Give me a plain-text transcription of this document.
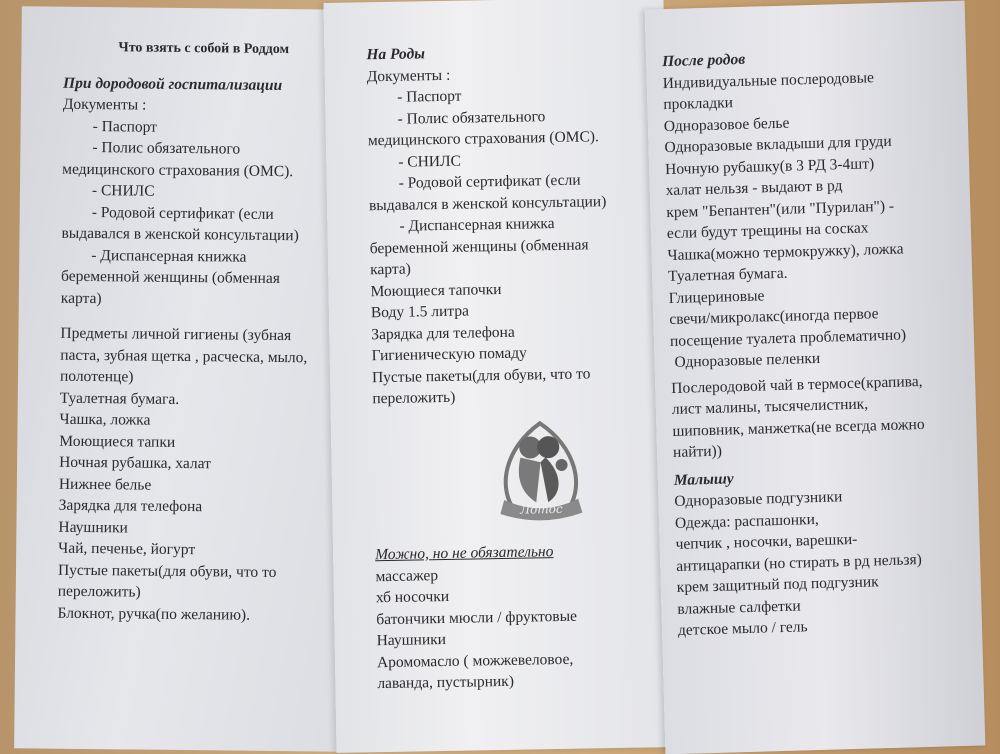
Что взять с собой в Роддом
При дородовой госпитализации
Документы :
- Паспорт
- Полис обязательного
медицинского страхования (ОМС).
- СНИЛС
- Родовой сертификат (если
выдавался в женской консультации)
- Диспансерная книжка
беременной женщины (обменная
карта)
Предметы личной гигиены (зубная
паста, зубная щетка , расческа, мыло,
полотенце)
Туалетная бумага.
Чашка, ложка
Моющиеся тапки
Ночная рубашка, халат
Нижнее белье
Зарядка для телефона
Наушники
Чай, печенье, йогурт
Пустые пакеты(для обуви, что то
переложить)
Блокнот, ручка(по желанию).
На Роды
Документы :
- Паспорт
- Полис обязательного
медицинского страхования (ОМС).
- СНИЛС
- Родовой сертификат (если
выдавался в женской консультации)
- Диспансерная книжка
беременной женщины (обменная
карта)
Моющиеся тапочки
Воду 1.5 литра
Зарядка для телефона
Гигиеническую помаду
Пустые пакеты(для обуви, что то
переложить)
Лотос
Можно, но не обязательно
массажер
хб носочки
батончики мюсли / фруктовые
Наушники
Аромомасло ( можжевеловое,
лаванда, пустырник)
После родов
Индивидуальные послеродовые
прокладки
Одноразовое белье
Одноразовые вкладыши для груди
Ночную рубашку(в 3 РД 3-4шт)
халат нельзя - выдают в рд
крем "Бепантен"(или "Пурилан") -
если будут трещины на сосках
Чашка(можно термокружку), ложка
Туалетная бумага.
Глицериновые
свечи/микролакс(иногда первое
посещение туалета проблематично)
Одноразовые пеленки
Послеродовой чай в термосе(крапива,
лист малины, тысячелистник,
шиповник, манжетка(не всегда можно
найти))
Малышу
Одноразовые подгузники
Одежда: распашонки,
чепчик , носочки, варешки-
антицарапки (но стирать в рд нельзя)
крем защитный под подгузник
влажные салфетки
детское мыло / гель
